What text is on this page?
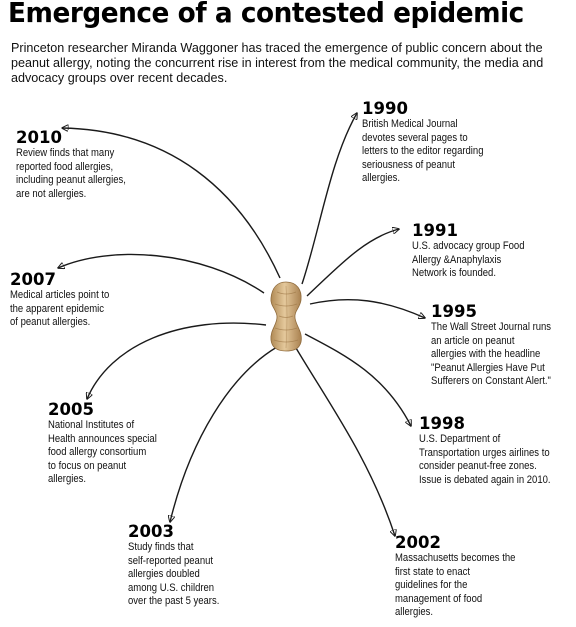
Emergence of a contested epidemic

Princeton researcher Miranda Waggoner has traced the emergence of public concern about the peanut allergy, noting the concurrent rise in interest from the medical community, the media and advocacy groups over recent decades.

1990
British Medical Journal
devotes several pages to
letters to the editor regarding
seriousness of peanut
allergies.
1991
U.S. advocacy group Food
Allergy &Anaphylaxis
Network is founded.
1995
The Wall Street Journal runs
an article on peanut
allergies with the headline
"Peanut Allergies Have Put
Sufferers on Constant Alert."
1998
U.S. Department of
Transportation urges airlines to
consider peanut-free zones.
Issue is debated again in 2010.
2002
Massachusetts becomes the
first state to enact
guidelines for the
management of food
allergies.
2003
Study finds that
self-reported peanut
allergies doubled
among U.S. children
over the past 5 years.
2005
National Institutes of
Health announces special
food allergy consortium
to focus on peanut
allergies.
2007
Medical articles point to
the apparent epidemic
of peanut allergies.
2010
Review finds that many
reported food allergies,
including peanut allergies,
are not allergies.
